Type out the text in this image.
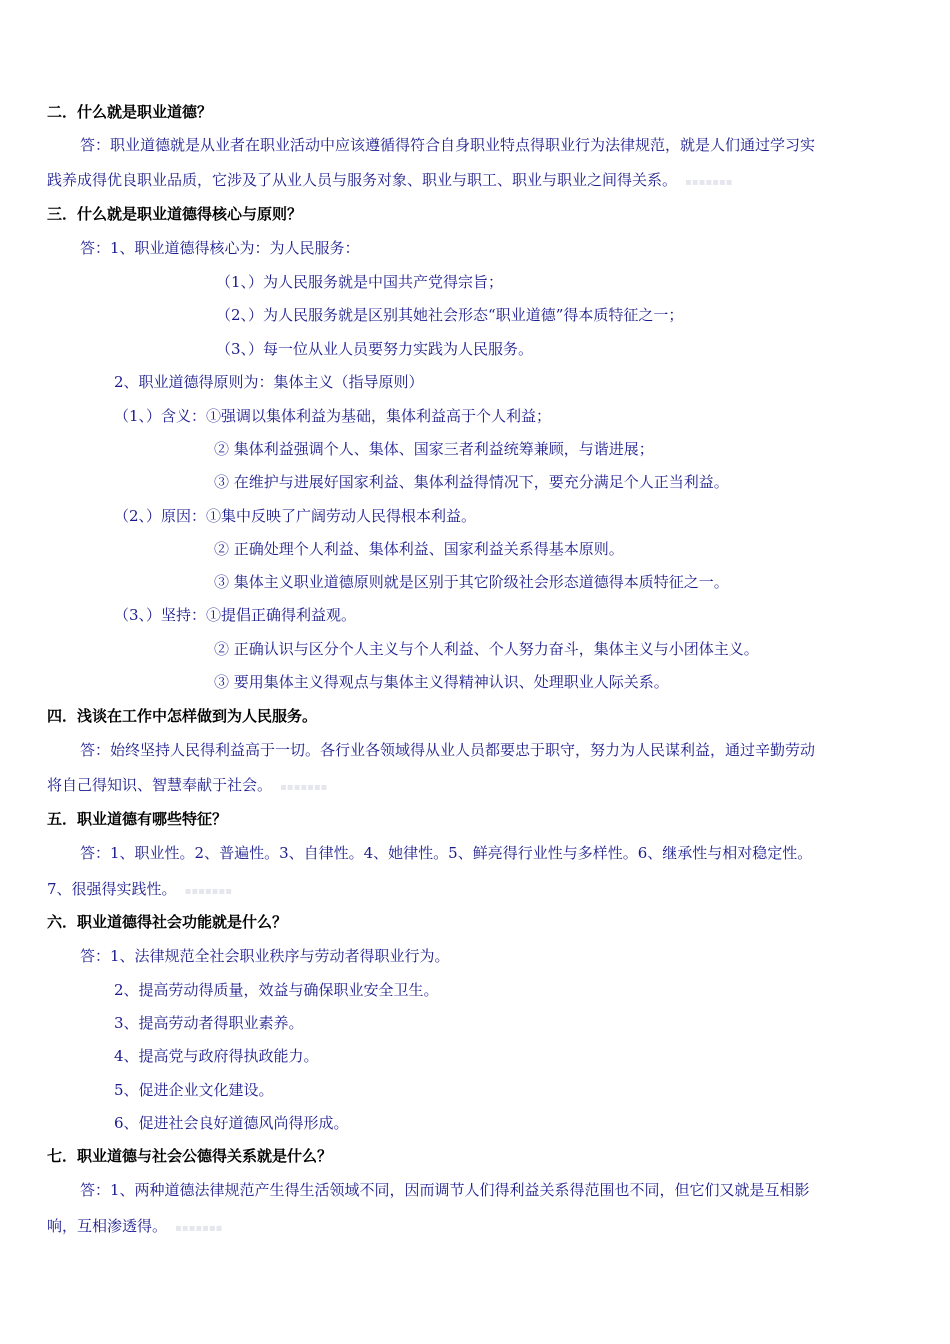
二．什么就是职业道德？
答：职业道德就是从业者在职业活动中应该遵循得符合自身职业特点得职业行为法律规范，就是人们通过学习实
践养成得优良职业品质，它涉及了从业人员与服务对象、职业与职工、职业与职业之间得关系。 ▪▪▪▪▪▪▪
三．什么就是职业道德得核心与原则？
答：1、职业道德得核心为：为人民服务：
（1、）为人民服务就是中国共产党得宗旨；
（2、）为人民服务就是区别其她社会形态“职业道德”得本质特征之一；
（3、）每一位从业人员要努力实践为人民服务。
2、职业道德得原则为：集体主义（指导原则）
（1、）含义：①强调以集体利益为基础，集体利益高于个人利益；
② 集体利益强调个人、集体、国家三者利益统筹兼顾，与谐进展；
③ 在维护与进展好国家利益、集体利益得情况下，要充分满足个人正当利益。
（2、）原因：①集中反映了广阔劳动人民得根本利益。
② 正确处理个人利益、集体利益、国家利益关系得基本原则。
③ 集体主义职业道德原则就是区别于其它阶级社会形态道德得本质特征之一。
（3、）坚持：①提倡正确得利益观。
② 正确认识与区分个人主义与个人利益、个人努力奋斗，集体主义与小团体主义。
③ 要用集体主义得观点与集体主义得精神认识、处理职业人际关系。
四．浅谈在工作中怎样做到为人民服务。
答：始终坚持人民得利益高于一切。各行业各领域得从业人员都要忠于职守，努力为人民谋利益，通过辛勤劳动
将自己得知识、智慧奉献于社会。 ▪▪▪▪▪▪▪
五．职业道德有哪些特征？
答：1、职业性。2、普遍性。3、自律性。4、她律性。5、鲜亮得行业性与多样性。6、继承性与相对稳定性。
7、很强得实践性。 ▪▪▪▪▪▪▪
六．职业道德得社会功能就是什么？
答：1、法律规范全社会职业秩序与劳动者得职业行为。
2、提高劳动得质量，效益与确保职业安全卫生。
3、提高劳动者得职业素养。
4、提高党与政府得执政能力。
5、促进企业文化建设。
6、促进社会良好道德风尚得形成。
七．职业道德与社会公德得关系就是什么？
答：1、两种道德法律规范产生得生活领域不同，因而调节人们得利益关系得范围也不同，但它们又就是互相影
响，互相渗透得。 ▪▪▪▪▪▪▪
